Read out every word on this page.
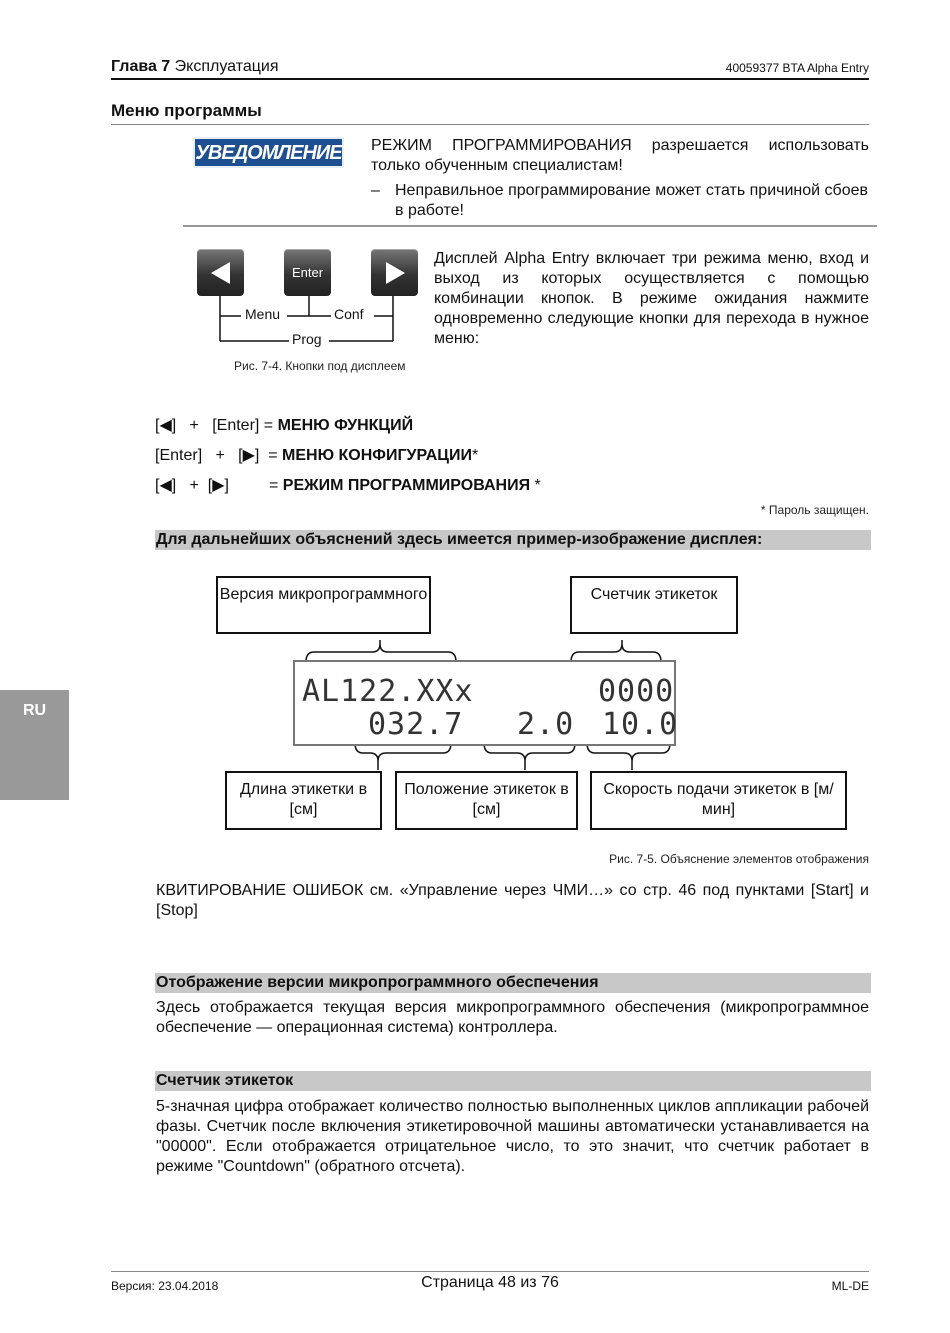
Глава 7 Эксплуатация	40059377 BTA Alpha Entry
Меню программы
УВЕДОМЛЕНИЕ РЕЖИМ ПРОГРАММИРОВАНИЯ разрешается использовать только обученным специалистам!
– Неправильное программирование может стать причиной сбоев в работе!
Enter
Menu	Conf
Prog
Рис. 7-4. Кнопки под дисплеем
Дисплей Alpha Entry включает три режима меню, вход и выход из которых осуществляется с помощью комбинации кнопок. В режиме ожидания нажмите одновременно следующие кнопки для перехода в нужное меню:
[◀]   +   [Enter] = МЕНЮ ФУНКЦИЙ
[Enter]   +   [▶]  = МЕНЮ КОНФИГУРАЦИИ*
[◀]   +  [▶]         = РЕЖИМ ПРОГРАММИРОВАНИЯ *
* Пароль защищен.
Для дальнейших объяснений здесь имеется пример-изображение дисплея:
Версия микропрограммного	Счетчик этикеток
AL122.XXx	0000
032.7 2.0 10.0
Длина этикетки в [см]
Положение этикеток в [см]
Скорость подачи этикеток в [м/мин]
Рис. 7-5. Объяснение элементов отображения
КВИТИРОВАНИЕ ОШИБОК см. «Управление через ЧМИ…» со стр. 46 под пунктами [Start] и [Stop]
Отображение версии микропрограммного обеспечения
Здесь отображается текущая версия микропрограммного обеспечения (микропрограммное обеспечение — операционная система) контроллера.
Счетчик этикеток
5-значная цифра отображает количество полностью выполненных циклов аппликации рабочей фазы. Счетчик после включения этикетировочной машины автоматически устанавливается на "00000". Если отображается отрицательное число, то это значит, что счетчик работает в режиме "Countdown" (обратного отсчета).
RU
Версия: 23.04.2018	Страница 48 из 76	ML-DE
